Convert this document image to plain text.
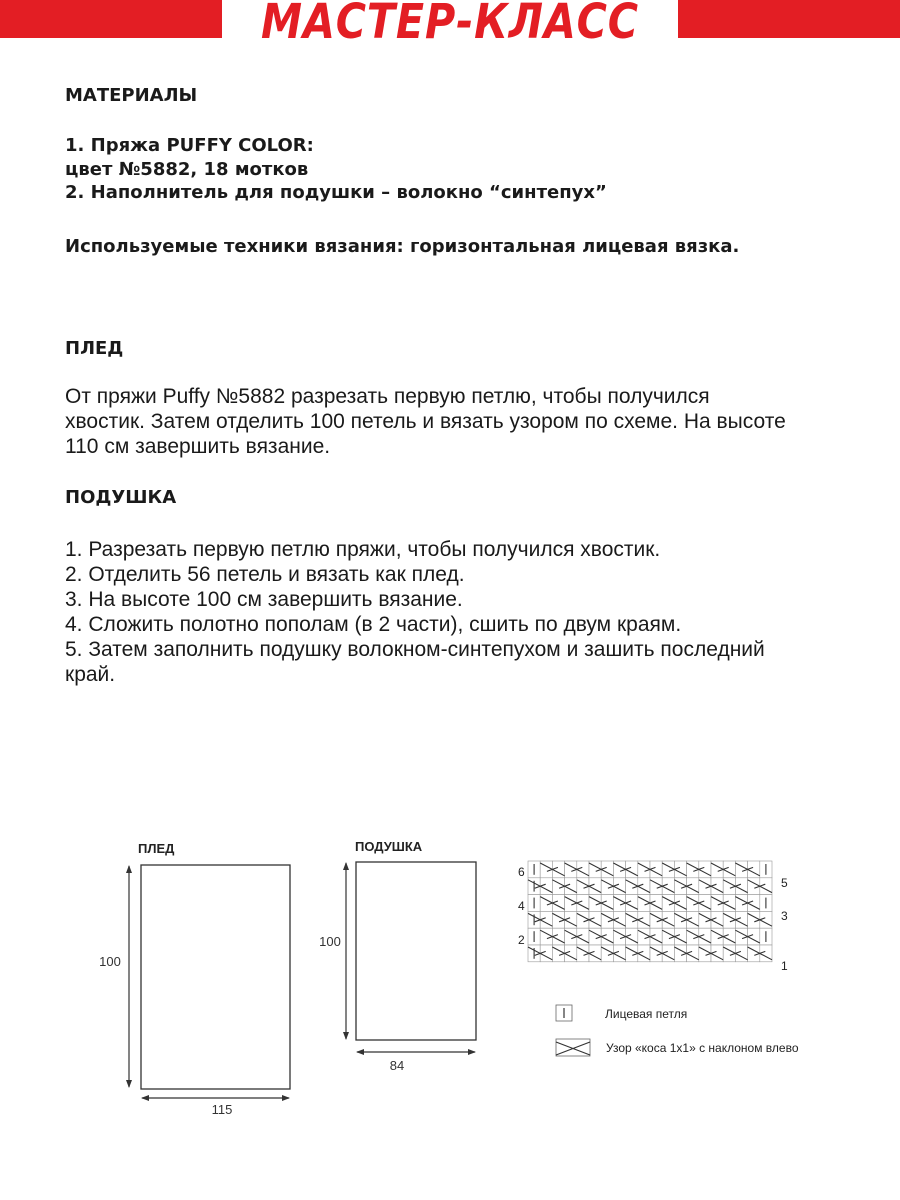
МАСТЕР-КЛАСС

МАТЕРИАЛЫ

1. Пряжа PUFFY COLOR:
цвет №5882, 18 мотков
2. Наполнитель для подушки – волокно “синтепух”

Используемые техники вязания: горизонтальная лицевая вязка.

ПЛЕД

От пряжи Puffy №5882 разрезать первую петлю, чтобы получился
хвостик. Затем отделить 100 петель и вязать узором по схеме. На высоте
110 см завершить вязание.

ПОДУШКА

1. Разрезать первую петлю пряжи, чтобы получился хвостик.
2. Отделить 56 петель и вязать как плед.
3. На высоте 100 см завершить вязание.
4. Сложить полотно пополам (в 2 части), сшить по двум краям.
5. Затем заполнить подушку волокном-синтепухом и зашить последний
край.
ПЛЕД
100
115
ПОДУШКА
100
84
6
4
2
5
3
1
Лицевая петля
Узор «коса 1х1» с наклоном влево
